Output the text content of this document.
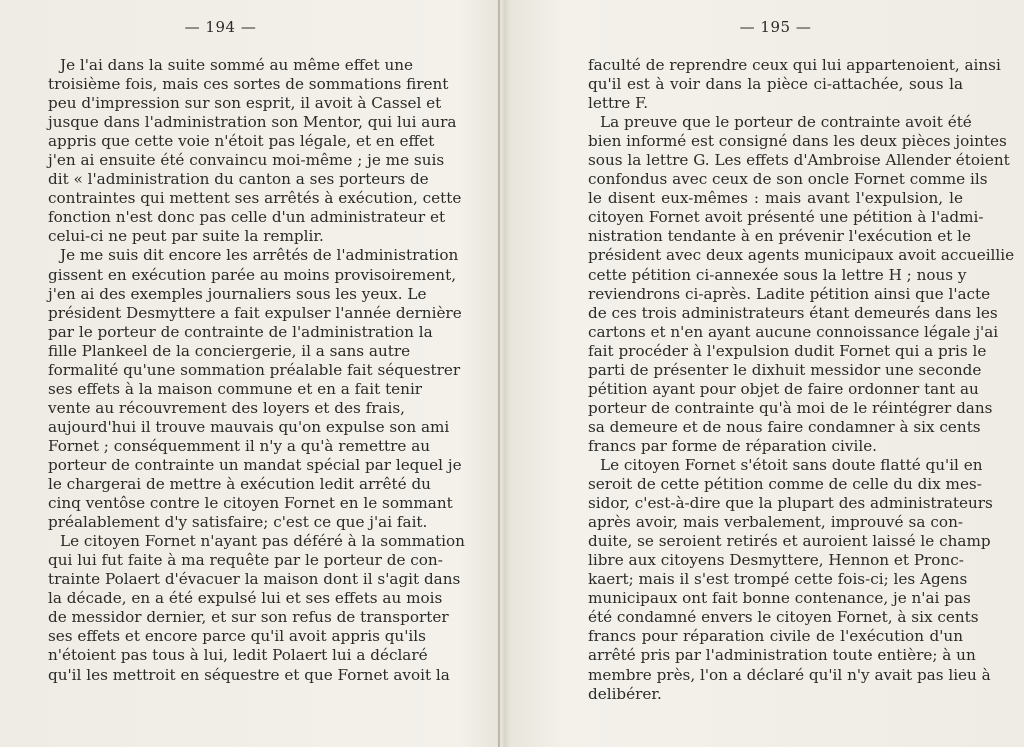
— 194 —
Je l'ai dans la suite sommé au même effet une
troisième fois, mais ces sortes de sommations firent
peu d'impression sur son esprit, il avoit à Cassel et
jusque dans l'administration son Mentor, qui lui aura
appris que cette voie n'étoit pas légale, et en effet
j'en ai ensuite été convaincu moi-même ; je me suis
dit « l'administration du canton a ses porteurs de
contraintes qui mettent ses arrêtés à exécution, cette
fonction n'est donc pas celle d'un administrateur et
celui-ci ne peut par suite la remplir.
Je me suis dit encore les arrêtés de l'administration
gissent en exécution parée au moins provisoirement,
j'en ai des exemples journaliers sous les yeux. Le
président Desmyttere a fait expulser l'année dernière
par le porteur de contrainte de l'administration la
fille Plankeel de la conciergerie, il a sans autre
formalité qu'une sommation préalable fait séquestrer
ses effets à la maison commune et en a fait tenir
vente au récouvrement des loyers et des frais,
aujourd'hui il trouve mauvais qu'on expulse son ami
Fornet ; conséquemment il n'y a qu'à remettre au
porteur de contrainte un mandat spécial par lequel je
le chargerai de mettre à exécution ledit arrêté du
cinq ventôse contre le citoyen Fornet en le sommant
préalablement d'y satisfaire; c'est ce que j'ai fait.
Le citoyen Fornet n'ayant pas déféré à la sommation
qui lui fut faite à ma requête par le porteur de con-
trainte Polaert d'évacuer la maison dont il s'agit dans
la décade, en a été expulsé lui et ses effets au mois
de messidor dernier, et sur son refus de transporter
ses effets et encore parce qu'il avoit appris qu'ils
n'étoient pas tous à lui, ledit Polaert lui a déclaré
qu'il les mettroit en séquestre et que Fornet avoit la
— 195 —
faculté de reprendre ceux qui lui appartenoient, ainsi
qu'il est à voir dans la pièce ci-attachée, sous la
lettre F.
La preuve que le porteur de contrainte avoit été
bien informé est consigné dans les deux pièces jointes
sous la lettre G. Les effets d'Ambroise Allender étoient
confondus avec ceux de son oncle Fornet comme ils
le disent eux-mêmes : mais avant l'expulsion, le
citoyen Fornet avoit présenté une pétition à l'admi-
nistration tendante à en prévenir l'exécution et le
président avec deux agents municipaux avoit accueillie
cette pétition ci-annexée sous la lettre H ; nous y
reviendrons ci-après. Ladite pétition ainsi que l'acte
de ces trois administrateurs étant demeurés dans les
cartons et n'en ayant aucune connoissance légale j'ai
fait procéder à l'expulsion dudit Fornet qui a pris le
parti de présenter le dixhuit messidor une seconde
pétition ayant pour objet de faire ordonner tant au
porteur de contrainte qu'à moi de le réintégrer dans
sa demeure et de nous faire condamner à six cents
francs par forme de réparation civile.
Le citoyen Fornet s'étoit sans doute flatté qu'il en
seroit de cette pétition comme de celle du dix mes-
sidor, c'est-à-dire que la plupart des administrateurs
après avoir, mais verbalement, improuvé sa con-
duite, se seroient retirés et auroient laissé le champ
libre aux citoyens Desmyttere, Hennon et Pronc-
kaert; mais il s'est trompé cette fois-ci; les Agens
municipaux ont fait bonne contenance, je n'ai pas
été condamné envers le citoyen Fornet, à six cents
francs pour réparation civile de l'exécution d'un
arrêté pris par l'administration toute entière; à un
membre près, l'on a déclaré qu'il n'y avait pas lieu à
delibérer.
